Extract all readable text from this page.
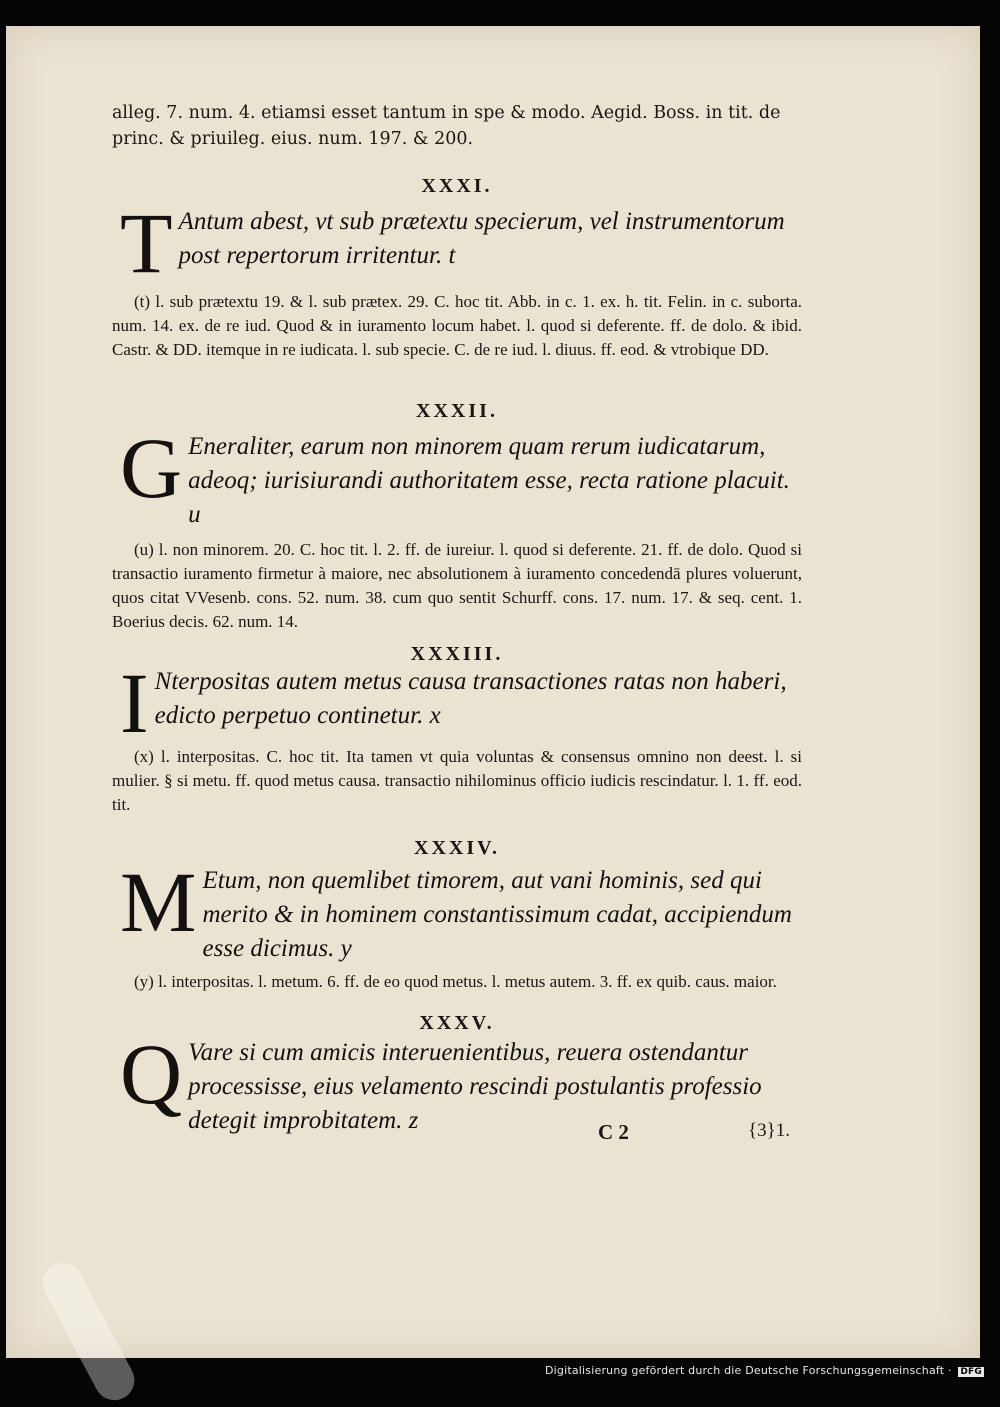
alleg. 7. num. 4. etiamsi esset tantum in spe & modo. Aegid. Boss. in tit. de
princ. & priuileg. eius. num. 197. & 200.
XXXI.
T Antum abest, vt sub prætextu specierum, vel instrumentorum post repertorum irritentur. t
(t) l. sub prætextu 19. & l. sub prætex. 29. C. hoc tit. Abb. in c. 1. ex. h. tit. Felin. in c. suborta. num. 14. ex. de re iud. Quod & in iuramento locum habet. l. quod si deferente. ff. de dolo. & ibid. Castr. & DD. itemque in re iudicata. l. sub specie. C. de re iud. l. diuus. ff. eod. & vtrobique DD.
XXXII.
G Eneraliter, earum non minorem quam rerum iudicatarum, adeoq; iurisiurandi authoritatem esse, recta ratione placuit. u
(u) l. non minorem. 20. C. hoc tit. l. 2. ff. de iureiur. l. quod si deferente. 21. ff. de dolo. Quod si transactio iuramento firmetur à maiore, nec absolutionem à iuramento concedendā plures voluerunt, quos citat VVesenb. cons. 52. num. 38. cum quo sentit Schurff. cons. 17. num. 17. & seq. cent. 1. Boerius decis. 62. num. 14.
XXXIII.
I Nterpositas autem metus causa transactiones ratas non haberi, edicto perpetuo continetur. x
(x) l. interpositas. C. hoc tit. Ita tamen vt quia voluntas & consensus omnino non deest. l. si mulier. § si metu. ff. quod metus causa. transactio nihilominus officio iudicis rescindatur. l. 1. ff. eod. tit.
XXXIV.
M Etum, non quemlibet timorem, aut vani hominis, sed qui merito & in hominem constantissimum cadat, accipiendum esse dicimus. y
(y) l. interpositas. l. metum. 6. ff. de eo quod metus. l. metus autem. 3. ff. ex quib. caus. maior.
XXXV.
Q Vare si cum amicis interuenientibus, reuera ostendantur processisse, eius velamento rescindi postulantis professio detegit improbitatem. z	C 2	{3}1.
Digitalisierung gefördert durch die Deutsche Forschungsgemeinschaft · DFG
